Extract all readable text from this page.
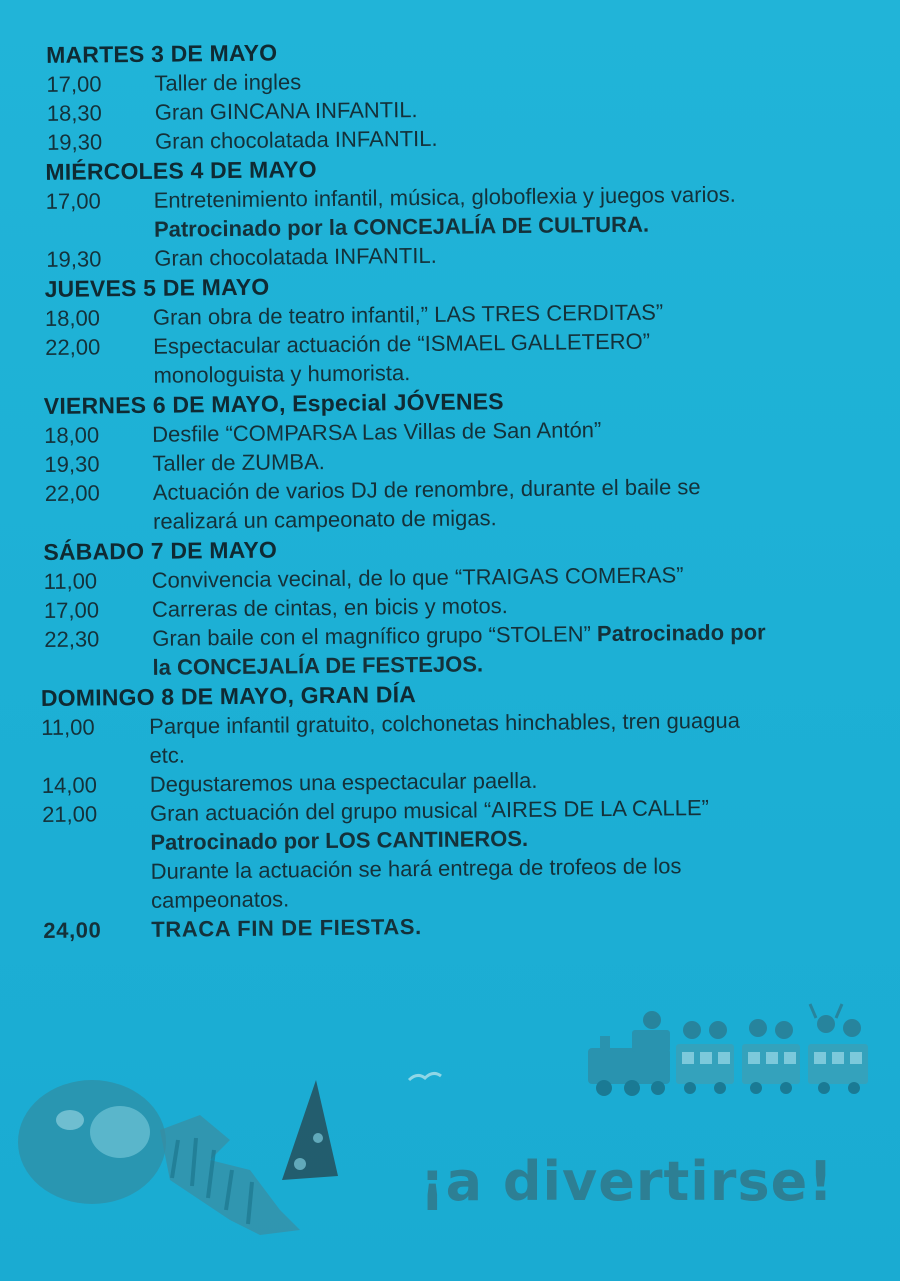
MARTES 3 DE MAYO
17,00	Taller de ingles
18,30	Gran GINCANA INFANTIL.
19,30	Gran chocolatada INFANTIL.
MIÉRCOLES 4 DE MAYO
17,00	Entretenimiento infantil, música, globoflexia y juegos varios.
Patrocinado por la CONCEJALÍA DE CULTURA.
19,30	Gran chocolatada INFANTIL.
JUEVES 5 DE MAYO
18,00	Gran obra de teatro infantil,” LAS TRES CERDITAS”
22,00	Espectacular actuación de “ISMAEL GALLETERO”
monologuista y humorista.
VIERNES 6 DE MAYO, Especial JÓVENES
18,00	Desfile “COMPARSA Las Villas de San Antón”
19,30	Taller de ZUMBA.
22,00	Actuación de varios DJ de renombre, durante el baile se
realizará un campeonato de migas.
SÁBADO 7 DE MAYO
11,00	Convivencia vecinal, de lo que “TRAIGAS COMERAS”
17,00	Carreras de cintas, en bicis y motos.
22,30	Gran baile con el magnífico grupo “STOLEN” Patrocinado por
la CONCEJALÍA DE FESTEJOS.
DOMINGO 8 DE MAYO, GRAN DÍA
11,00	Parque infantil gratuito, colchonetas hinchables, tren guagua
etc.
14,00	Degustaremos una espectacular paella.
21,00	Gran actuación del grupo musical “AIRES DE LA CALLE”
Patrocinado por LOS CANTINEROS.
Durante la actuación se hará entrega de trofeos de los
campeonatos.
24,00	TRACA FIN DE FIESTAS.
¡a divertirse!
